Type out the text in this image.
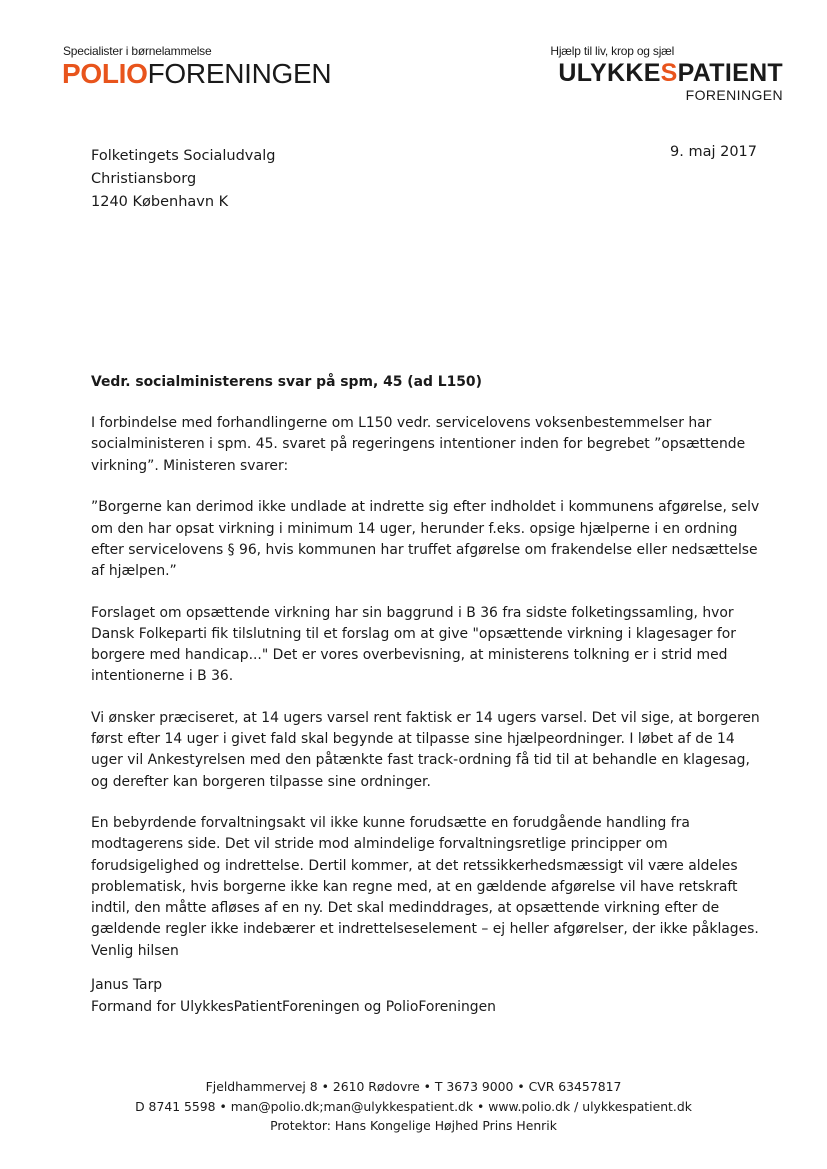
Specialister i børnelammelse
POLIOFORENINGEN
Hjælp til liv, krop og sjæl
ULYKKESPATIENT
FORENINGEN
Folketingets Socialudvalg
Christiansborg
1240 København K
9. maj 2017
Vedr. socialministerens svar på spm, 45 (ad L150)

I forbindelse med forhandlingerne om L150 vedr. servicelovens voksenbestemmelser har socialministeren i spm. 45. svaret på regeringens intentioner inden for begrebet ”opsættende virkning”. Ministeren svarer:

”Borgerne kan derimod ikke undlade at indrette sig efter indholdet i kommunens afgørelse, selv om den har opsat virkning i minimum 14 uger, herunder f.eks. opsige hjælperne i en ordning efter servicelovens § 96, hvis kommunen har truffet afgørelse om frakendelse eller nedsættelse af hjælpen.”

Forslaget om opsættende virkning har sin baggrund i B 36 fra sidste folketingssamling, hvor Dansk Folkeparti fik tilslutning til et forslag om at give "opsættende virkning i klagesager for borgere med handicap..." Det er vores overbevisning, at ministerens tolkning er i strid med intentionerne i B 36.

Vi ønsker præciseret, at 14 ugers varsel rent faktisk er 14 ugers varsel. Det vil sige, at borgeren først efter 14 uger i givet fald skal begynde at tilpasse sine hjælpeordninger. I løbet af de 14 uger vil Ankestyrelsen med den påtænkte fast track-ordning få tid til at behandle en klagesag, og derefter kan borgeren tilpasse sine ordninger.

En bebyrdende forvaltningsakt vil ikke kunne forudsætte en forudgående handling fra modtagerens side. Det vil stride mod almindelige forvaltningsretlige principper om forudsigelighed og indrettelse. Dertil kommer, at det retssikkerhedsmæssigt vil være aldeles problematisk, hvis borgerne ikke kan regne med, at en gældende afgørelse vil have retskraft indtil, den måtte afløses af en ny. Det skal medinddrages, at opsættende virkning efter de gældende regler ikke indebærer et indrettelseselement – ej heller afgørelser, der ikke påklages.

Venlig hilsen
Janus Tarp
Formand for UlykkesPatientForeningen og PolioForeningen
Fjeldhammervej 8 • 2610 Rødovre • T 3673 9000 • CVR 63457817
D 8741 5598 • man@polio.dk;man@ulykkespatient.dk • www.polio.dk / ulykkespatient.dk
Protektor: Hans Kongelige Højhed Prins Henrik
